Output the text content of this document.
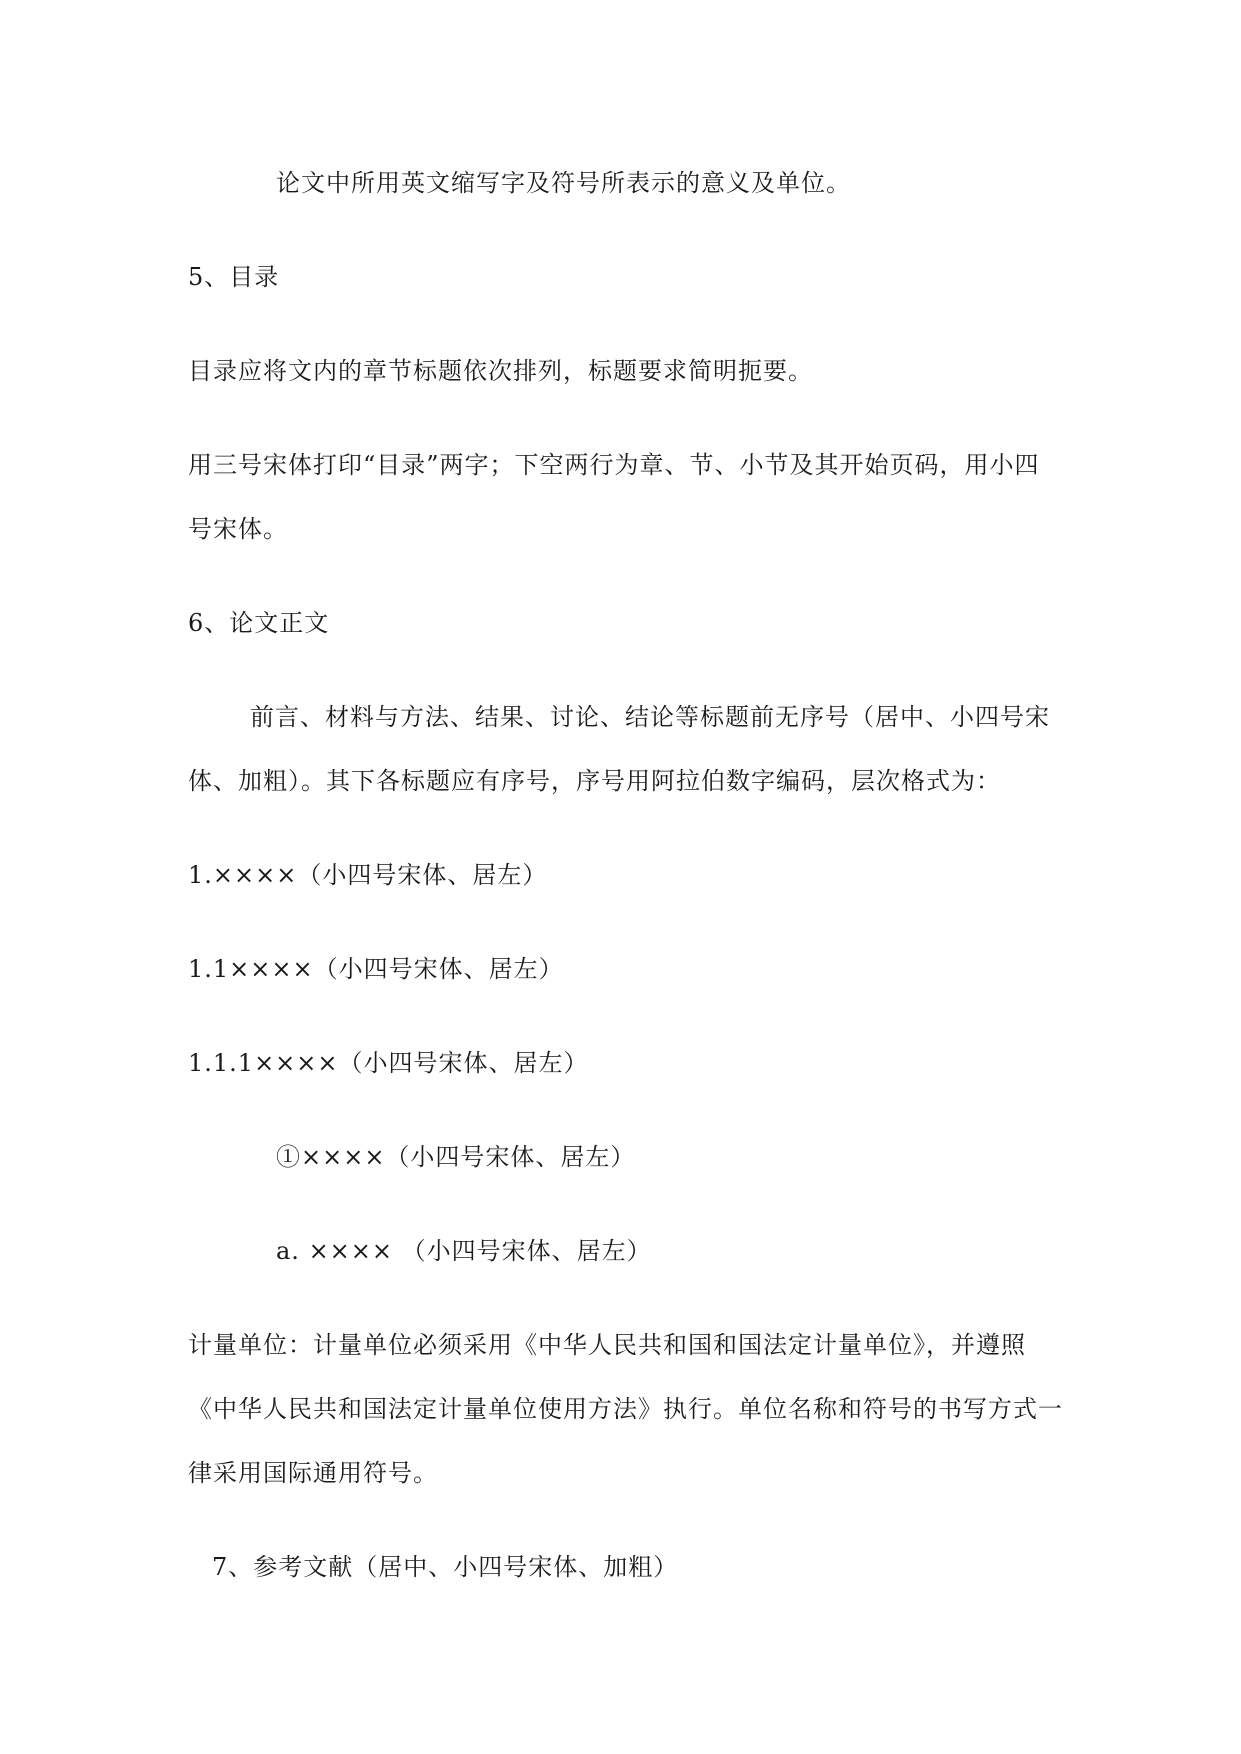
论文中所用英文缩写字及符号所表示的意义及单位。
5、目录
目录应将文内的章节标题依次排列，标题要求简明扼要。
用三号宋体打印“目录”两字；下空两行为章、节、小节及其开始页码，用小四
号宋体。
6、论文正文
前言、材料与方法、结果、讨论、结论等标题前无序号（居中、小四号宋
体、加粗）。其下各标题应有序号，序号用阿拉伯数字编码，层次格式为：
1.××××（小四号宋体、居左）
1.1××××（小四号宋体、居左）
1.1.1××××（小四号宋体、居左）
①××××（小四号宋体、居左）
a. ×××× （小四号宋体、居左）
计量单位：计量单位必须采用《中华人民共和国和国法定计量单位》，并遵照
《中华人民共和国法定计量单位使用方法》执行。单位名称和符号的书写方式一
律采用国际通用符号。
7、参考文献（居中、小四号宋体、加粗）
